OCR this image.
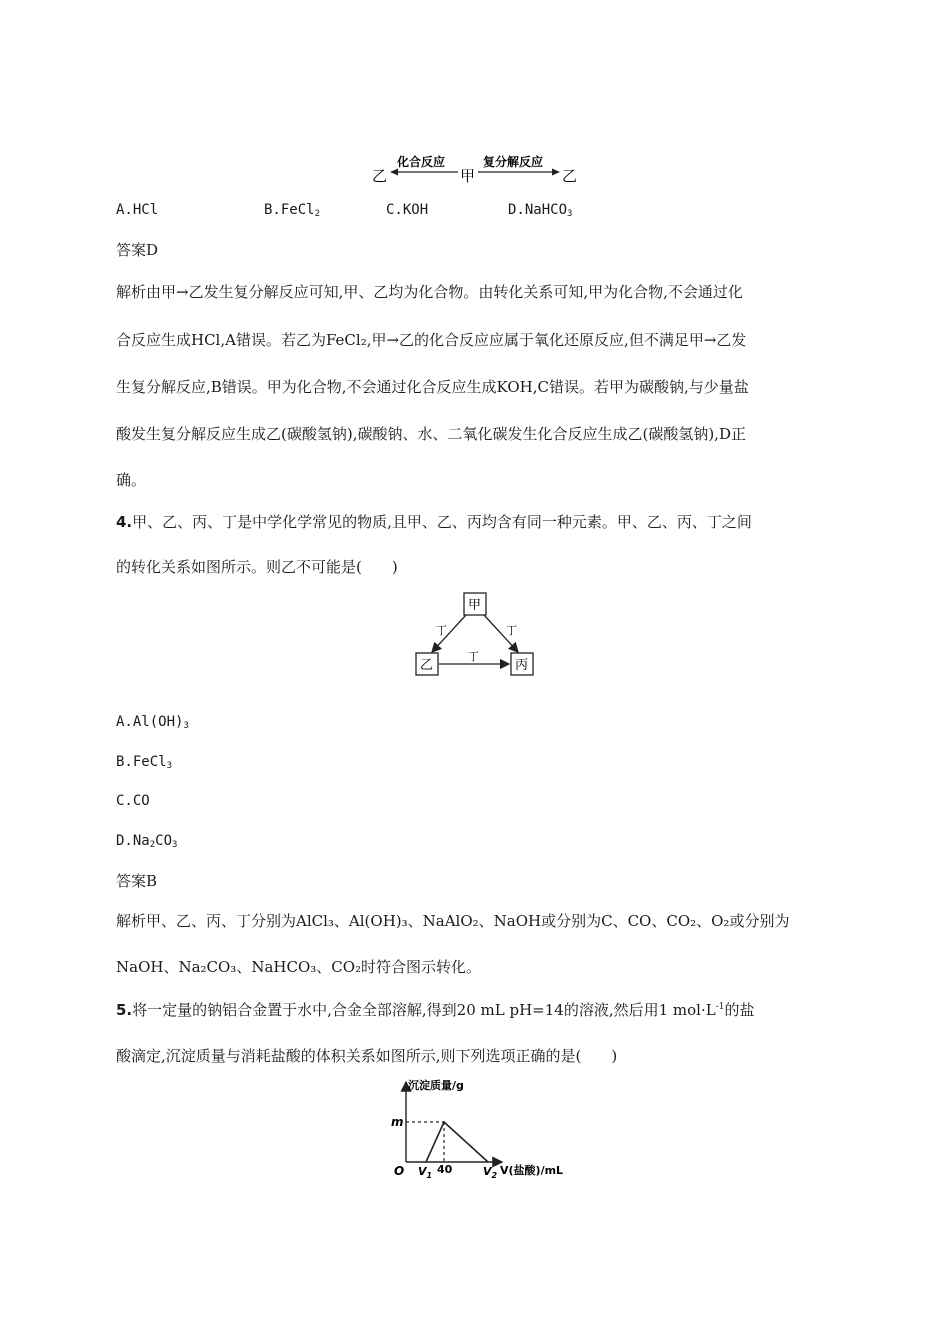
乙
化合反应
甲
复分解反应
乙
A.HCl	B.FeCl$_2$	C.KOH	D.NaHCO$_3$
答案D
解析由甲→乙发生复分解反应可知,甲、乙均为化合物。由转化关系可知,甲为化合物,不会通过化
合反应生成HCl,A错误。若乙为FeCl₂,甲→乙的化合反应应属于氧化还原反应,但不满足甲→乙发
生复分解反应,B错误。甲为化合物,不会通过化合反应生成KOH,C错误。若甲为碳酸钠,与少量盐
酸发生复分解反应生成乙(碳酸氢钠),碳酸钠、水、二氧化碳发生化合反应生成乙(碳酸氢钠),D正
确。
4.甲、乙、丙、丁是中学化学常见的物质,且甲、乙、丙均含有同一种元素。甲、乙、丙、丁之间
的转化关系如图所示。则乙不可能是(　　)
甲
乙	丙
丁	丁
丁
$A.Al(OH)_3$
B.FeCl$_3$
C.CO
$D.Na_2CO_3$
答案B
解析甲、乙、丙、丁分别为AlCl₃、Al(OH)₃、NaAlO₂、NaOH或分别为C、CO、CO₂、O₂或分别为
NaOH、Na₂CO₃、NaHCO₃、CO₂时符合图示转化。
5.将一定量的钠铝合金置于水中,合金全部溶解,得到20 mL pH=14的溶液,然后用1 $mol\cdot L^{-1}$的盐
酸滴定,沉淀质量与消耗盐酸的体积关系如图所示,则下列选项正确的是(　　)
沉淀质量/g
O
m
$V_1$ 40	$V_2$ V(盐酸)/mL
